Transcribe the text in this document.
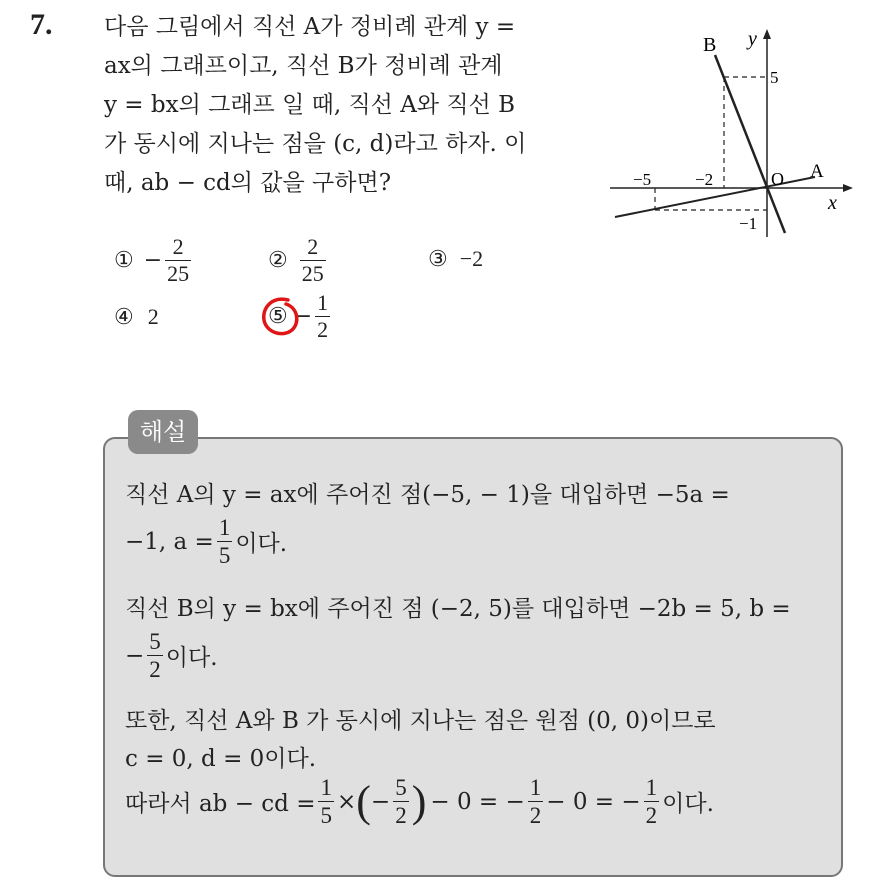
7. 다음 그림에서 직선 A가 정비례 관계 y =
ax의 그래프이고, 직선 B가 정비례 관계
y = bx의 그래프 일 때, 직선 A와 직선 B
가 동시에 지나는 점을 (c, d)라고 하자. 이
때, ab − cd의 값을 구하면?
B y
5
−5	−2	O A
x
−1
① − $\frac{2}{25}$	② $\frac{2}{25}$	③ −2
④ 2	⑤ − $\frac{1}{2}$
해설
직선 A의 y = ax에 주어진 점(−5, − 1)을 대입하면 −5a =
−1, $a = \frac{1}{5}$ 이다.
직선 B의 y = bx에 주어진 점 (−2, 5)를 대입하면 −2b = 5, b =
− $\frac{5}{2}$ 이다.
또한, 직선 A와 B 가 동시에 지나는 점은 원점 (0, 0)이므로
c = 0, d = 0이다.
따라서 ab − cd = $\frac{1}{5}$ × ( − $\frac{5}{2}$ ) − 0 = − $\frac{1}{2} - 0$ = − $\frac{1}{2}$ 이다.
